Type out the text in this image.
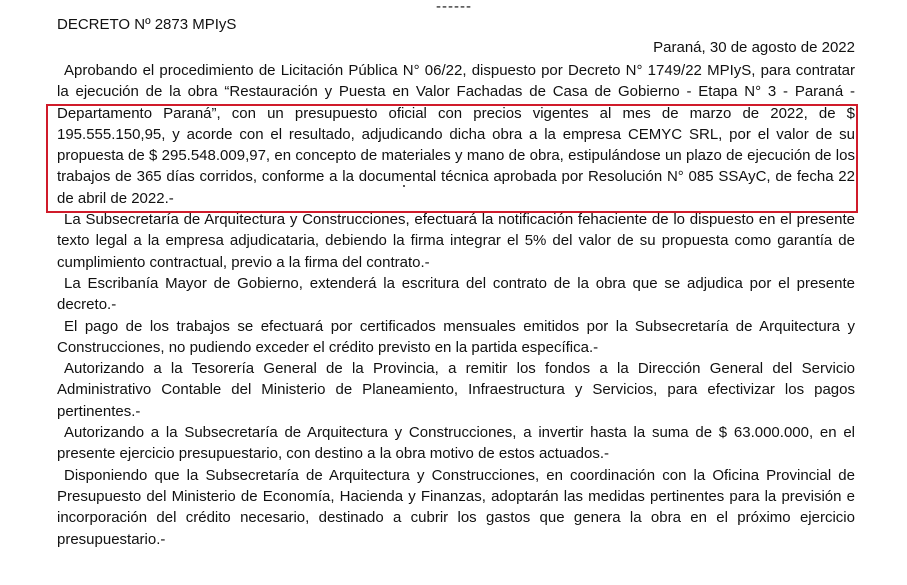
------
DECRETO Nº 2873 MPIyS
Paraná, 30 de agosto de 2022

Aprobando el procedimiento de Licitación Pública N° 06/22, dispuesto por Decreto N° 1749/22 MPIyS, para contratar la ejecución de la obra “Restauración y Puesta en Valor Fachadas de Casa de Gobierno - Etapa N° 3 - Paraná - Departamento Paraná”, con un presupuesto oficial con precios vigentes al mes de marzo de 2022, de $ 195.555.150,95, y acorde con el resultado, adjudicando dicha obra a la empresa CEMYC SRL, por el valor de su propuesta de $ 295.548.009,97, en concepto de materiales y mano de obra, estipulándose un plazo de ejecución de los trabajos de 365 días corridos, conforme a la documental técnica aprobada por Resolución N° 085 SSAyC, de fecha 22 de abril de 2022.-

La Subsecretaría de Arquitectura y Construcciones, efectuará la notificación fehaciente de lo dispuesto en el presente texto legal a la empresa adjudicataria, debiendo la firma integrar el 5% del valor de su propuesta como garantía de cumplimiento contractual, previo a la firma del contrato.-

La Escribanía Mayor de Gobierno, extenderá la escritura del contrato de la obra que se adjudica por el presente decreto.-

El pago de los trabajos se efectuará por certificados mensuales emitidos por la Subsecretaría de Arquitectura y Construcciones, no pudiendo exceder el crédito previsto en la partida específica.-

Autorizando a la Tesorería General de la Provincia, a remitir los fondos a la Dirección General del Servicio Administrativo Contable del Ministerio de Planeamiento, Infraestructura y Servicios, para efectivizar los pagos pertinentes.-

Autorizando a la Subsecretaría de Arquitectura y Construcciones, a invertir hasta la suma de $ 63.000.000, en el presente ejercicio presupuestario, con destino a la obra motivo de estos actuados.-

Disponiendo que la Subsecretaría de Arquitectura y Construcciones, en coordinación con la Oficina Provincial de Presupuesto del Ministerio de Economía, Hacienda y Finanzas, adoptarán las medidas pertinentes para la previsión e incorporación del crédito necesario, destinado a cubrir los gastos que genera la obra en el próximo ejercicio presupuestario.-
